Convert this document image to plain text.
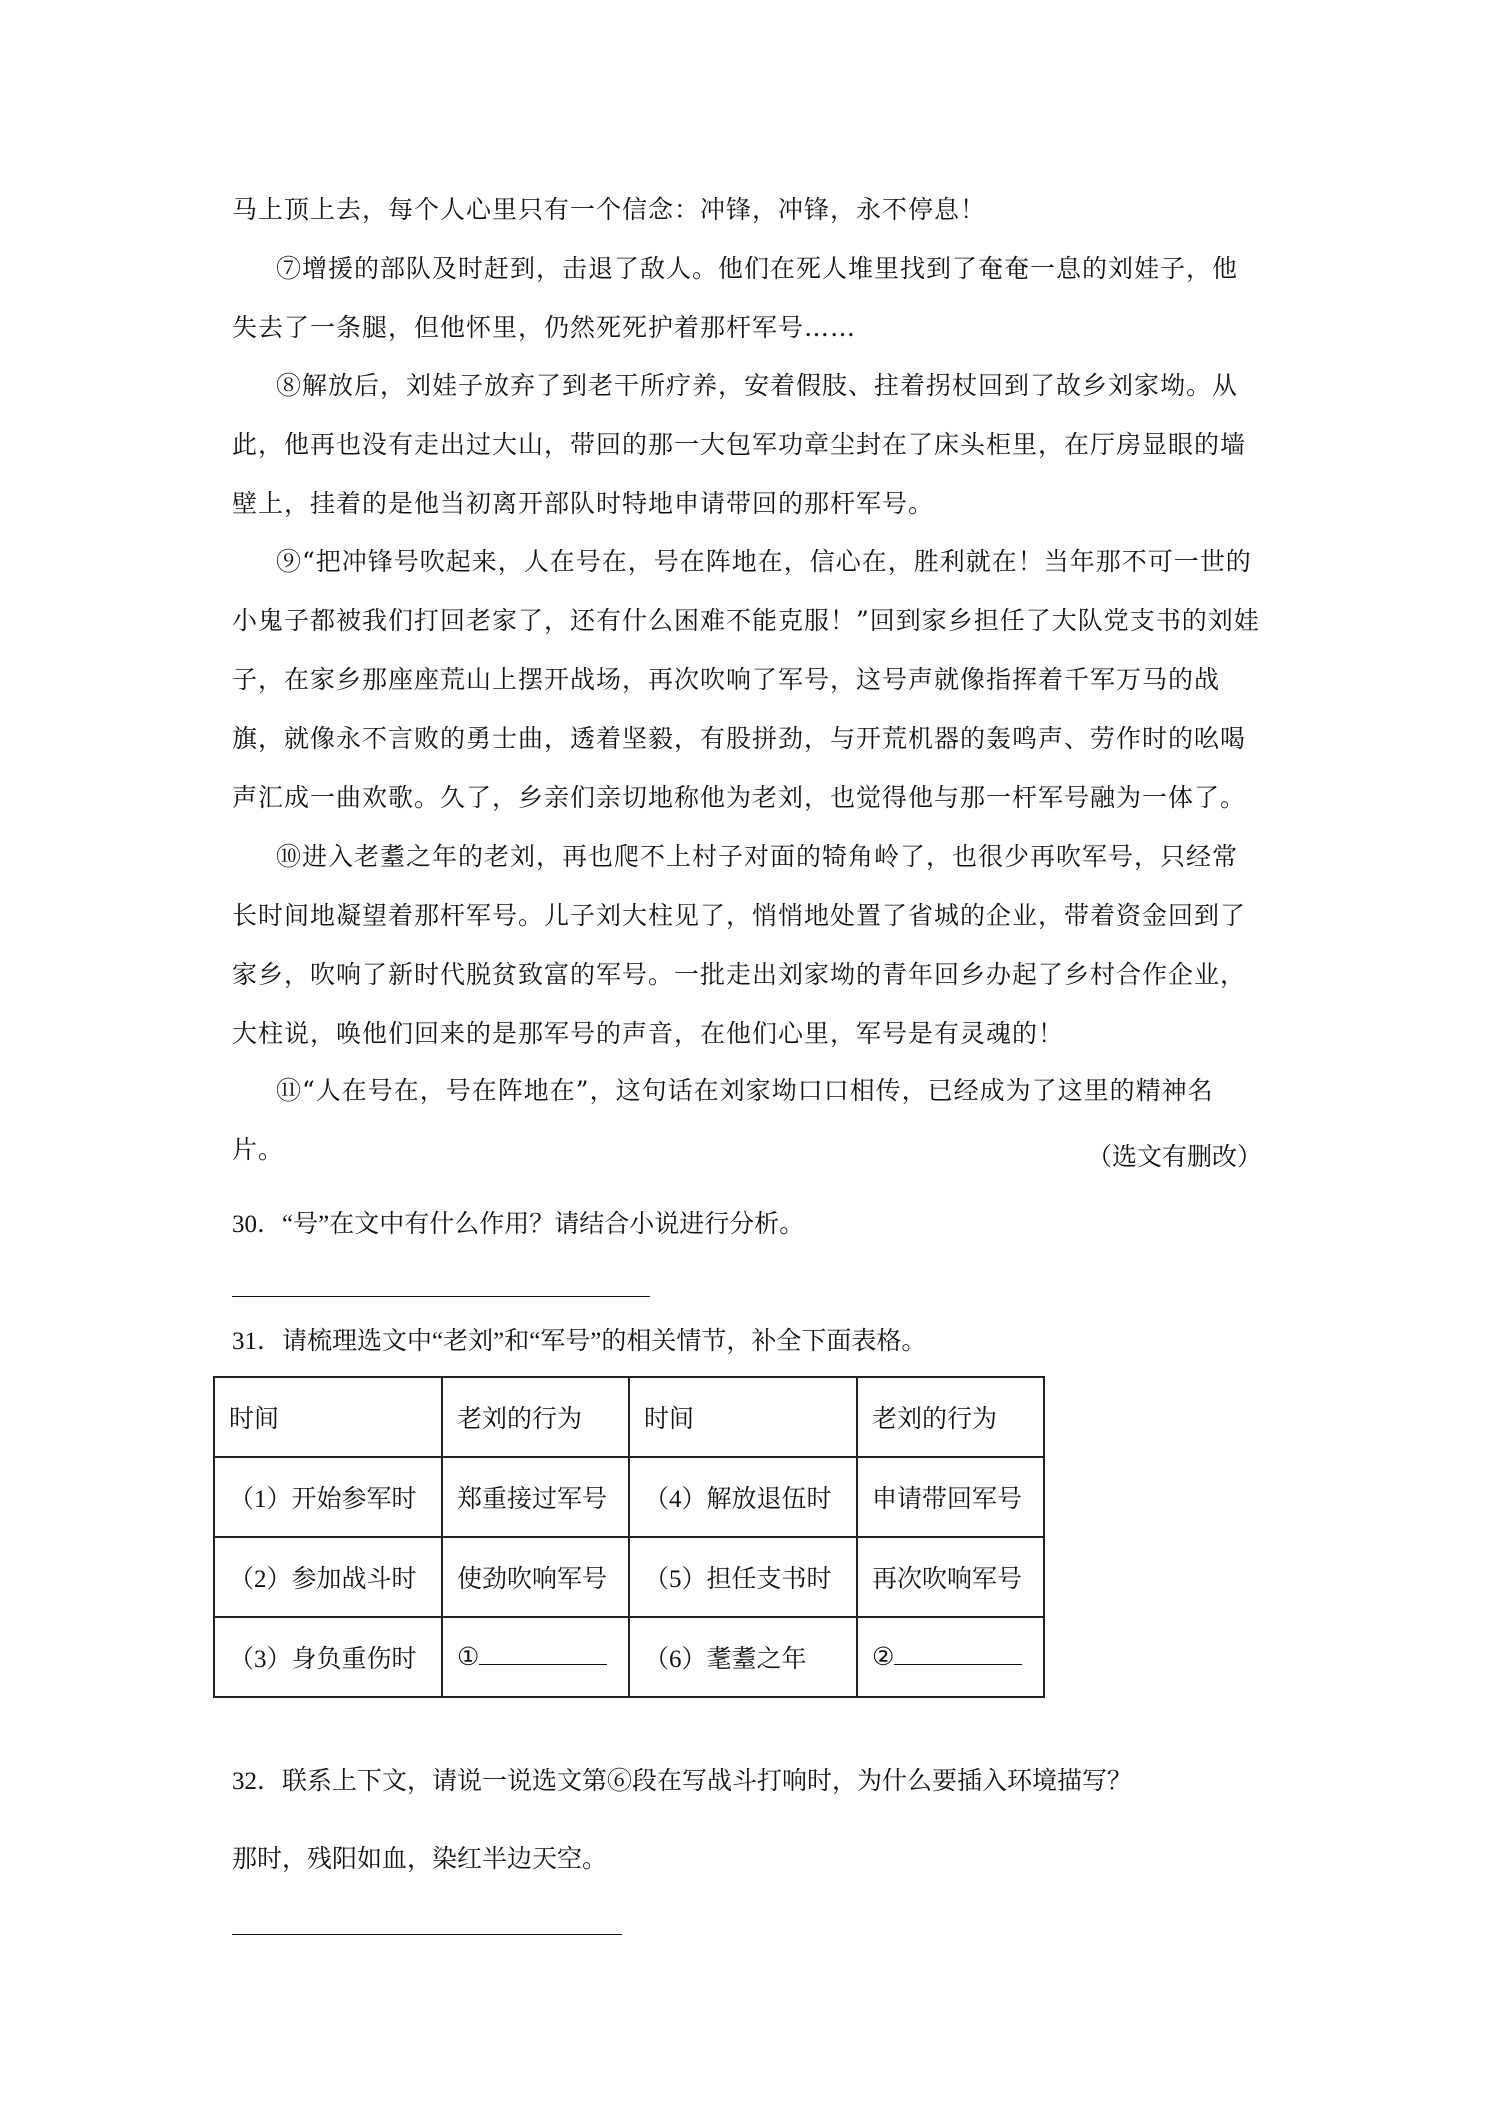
马上顶上去，每个人心里只有一个信念：冲锋，冲锋，永不停息！

⑦增援的部队及时赶到，击退了敌人。他们在死人堆里找到了奄奄一息的刘娃子，他失去了一条腿，但他怀里，仍然死死护着那杆军号……

⑧解放后，刘娃子放弃了到老干所疗养，安着假肢、拄着拐杖回到了故乡刘家坳。从此，他再也没有走出过大山，带回的那一大包军功章尘封在了床头柜里，在厅房显眼的墙壁上，挂着的是他当初离开部队时特地申请带回的那杆军号。

⑨“把冲锋号吹起来，人在号在，号在阵地在，信心在，胜利就在！当年那不可一世的小鬼子都被我们打回老家了，还有什么困难不能克服！”回到家乡担任了大队党支书的刘娃子，在家乡那座座荒山上摆开战场，再次吹响了军号，这号声就像指挥着千军万马的战旗，就像永不言败的勇士曲，透着坚毅，有股拼劲，与开荒机器的轰鸣声、劳作时的吆喝声汇成一曲欢歌。久了，乡亲们亲切地称他为老刘，也觉得他与那一杆军号融为一体了。

⑩进入老耋之年的老刘，再也爬不上村子对面的犄角岭了，也很少再吹军号，只经常长时间地凝望着那杆军号。儿子刘大柱见了，悄悄地处置了省城的企业，带着资金回到了家乡，吹响了新时代脱贫致富的军号。一批走出刘家坳的青年回乡办起了乡村合作企业，大柱说，唤他们回来的是那军号的声音，在他们心里，军号是有灵魂的！

⑪“人在号在，号在阵地在”，这句话在刘家坳口口相传，已经成为了这里的精神名片。	（选文有删改）

30．“号”在文中有什么作用？请结合小说进行分析。

31．请梳理选文中“老刘”和“军号”的相关情节，补全下面表格。

时间	老刘的行为	时间	老刘的行为
（1）开始参军时	郑重接过军号	（4）解放退伍时	申请带回军号
（2）参加战斗时	使劲吹响军号	（5）担任支书时	再次吹响军号
（3）身负重伤时	①	（6）耄耋之年	②

32．联系上下文，请说一说选文第⑥段在写战斗打响时，为什么要插入环境描写？

那时，残阳如血，染红半边天空。
